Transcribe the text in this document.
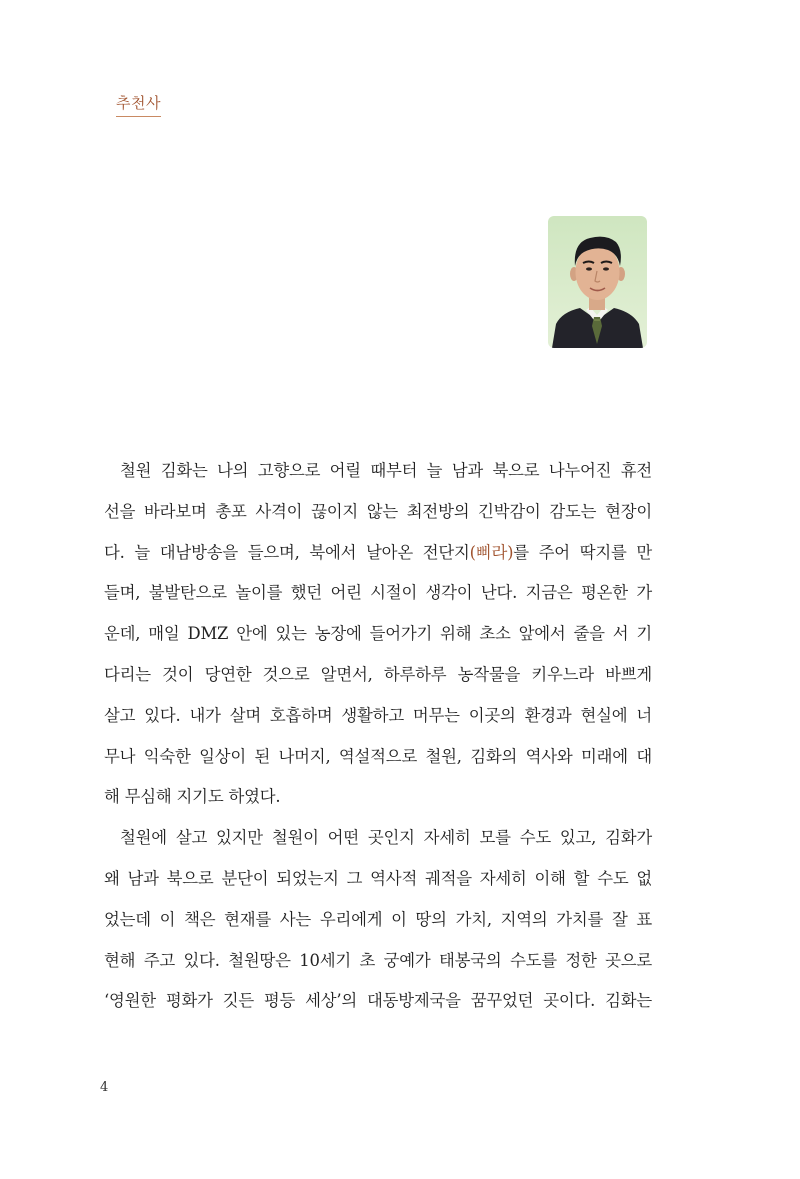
추천사
철원 김화는 나의 고향으로 어릴 때부터 늘 남과 북으로 나누어진 휴전
선을 바라보며 총포 사격이 끊이지 않는 최전방의 긴박감이 감도는 현장이
다. 늘 대남방송을 들으며, 북에서 날아온 전단지(삐라)를 주어 딱지를 만
들며, 불발탄으로 놀이를 했던 어린 시절이 생각이 난다. 지금은 평온한 가
운데, 매일 DMZ 안에 있는 농장에 들어가기 위해 초소 앞에서 줄을 서 기
다리는 것이 당연한 것으로 알면서, 하루하루 농작물을 키우느라 바쁘게
살고 있다. 내가 살며 호흡하며 생활하고 머무는 이곳의 환경과 현실에 너
무나 익숙한 일상이 된 나머지, 역설적으로 철원, 김화의 역사와 미래에 대
해 무심해 지기도 하였다.
철원에 살고 있지만 철원이 어떤 곳인지 자세히 모를 수도 있고, 김화가
왜 남과 북으로 분단이 되었는지 그 역사적 궤적을 자세히 이해 할 수도 없
었는데 이 책은 현재를 사는 우리에게 이 땅의 가치, 지역의 가치를 잘 표
현해 주고 있다. 철원땅은 10세기 초 궁예가 태봉국의 수도를 정한 곳으로
‘영원한 평화가 깃든 평등 세상’의 대동방제국을 꿈꾸었던 곳이다. 김화는
4
